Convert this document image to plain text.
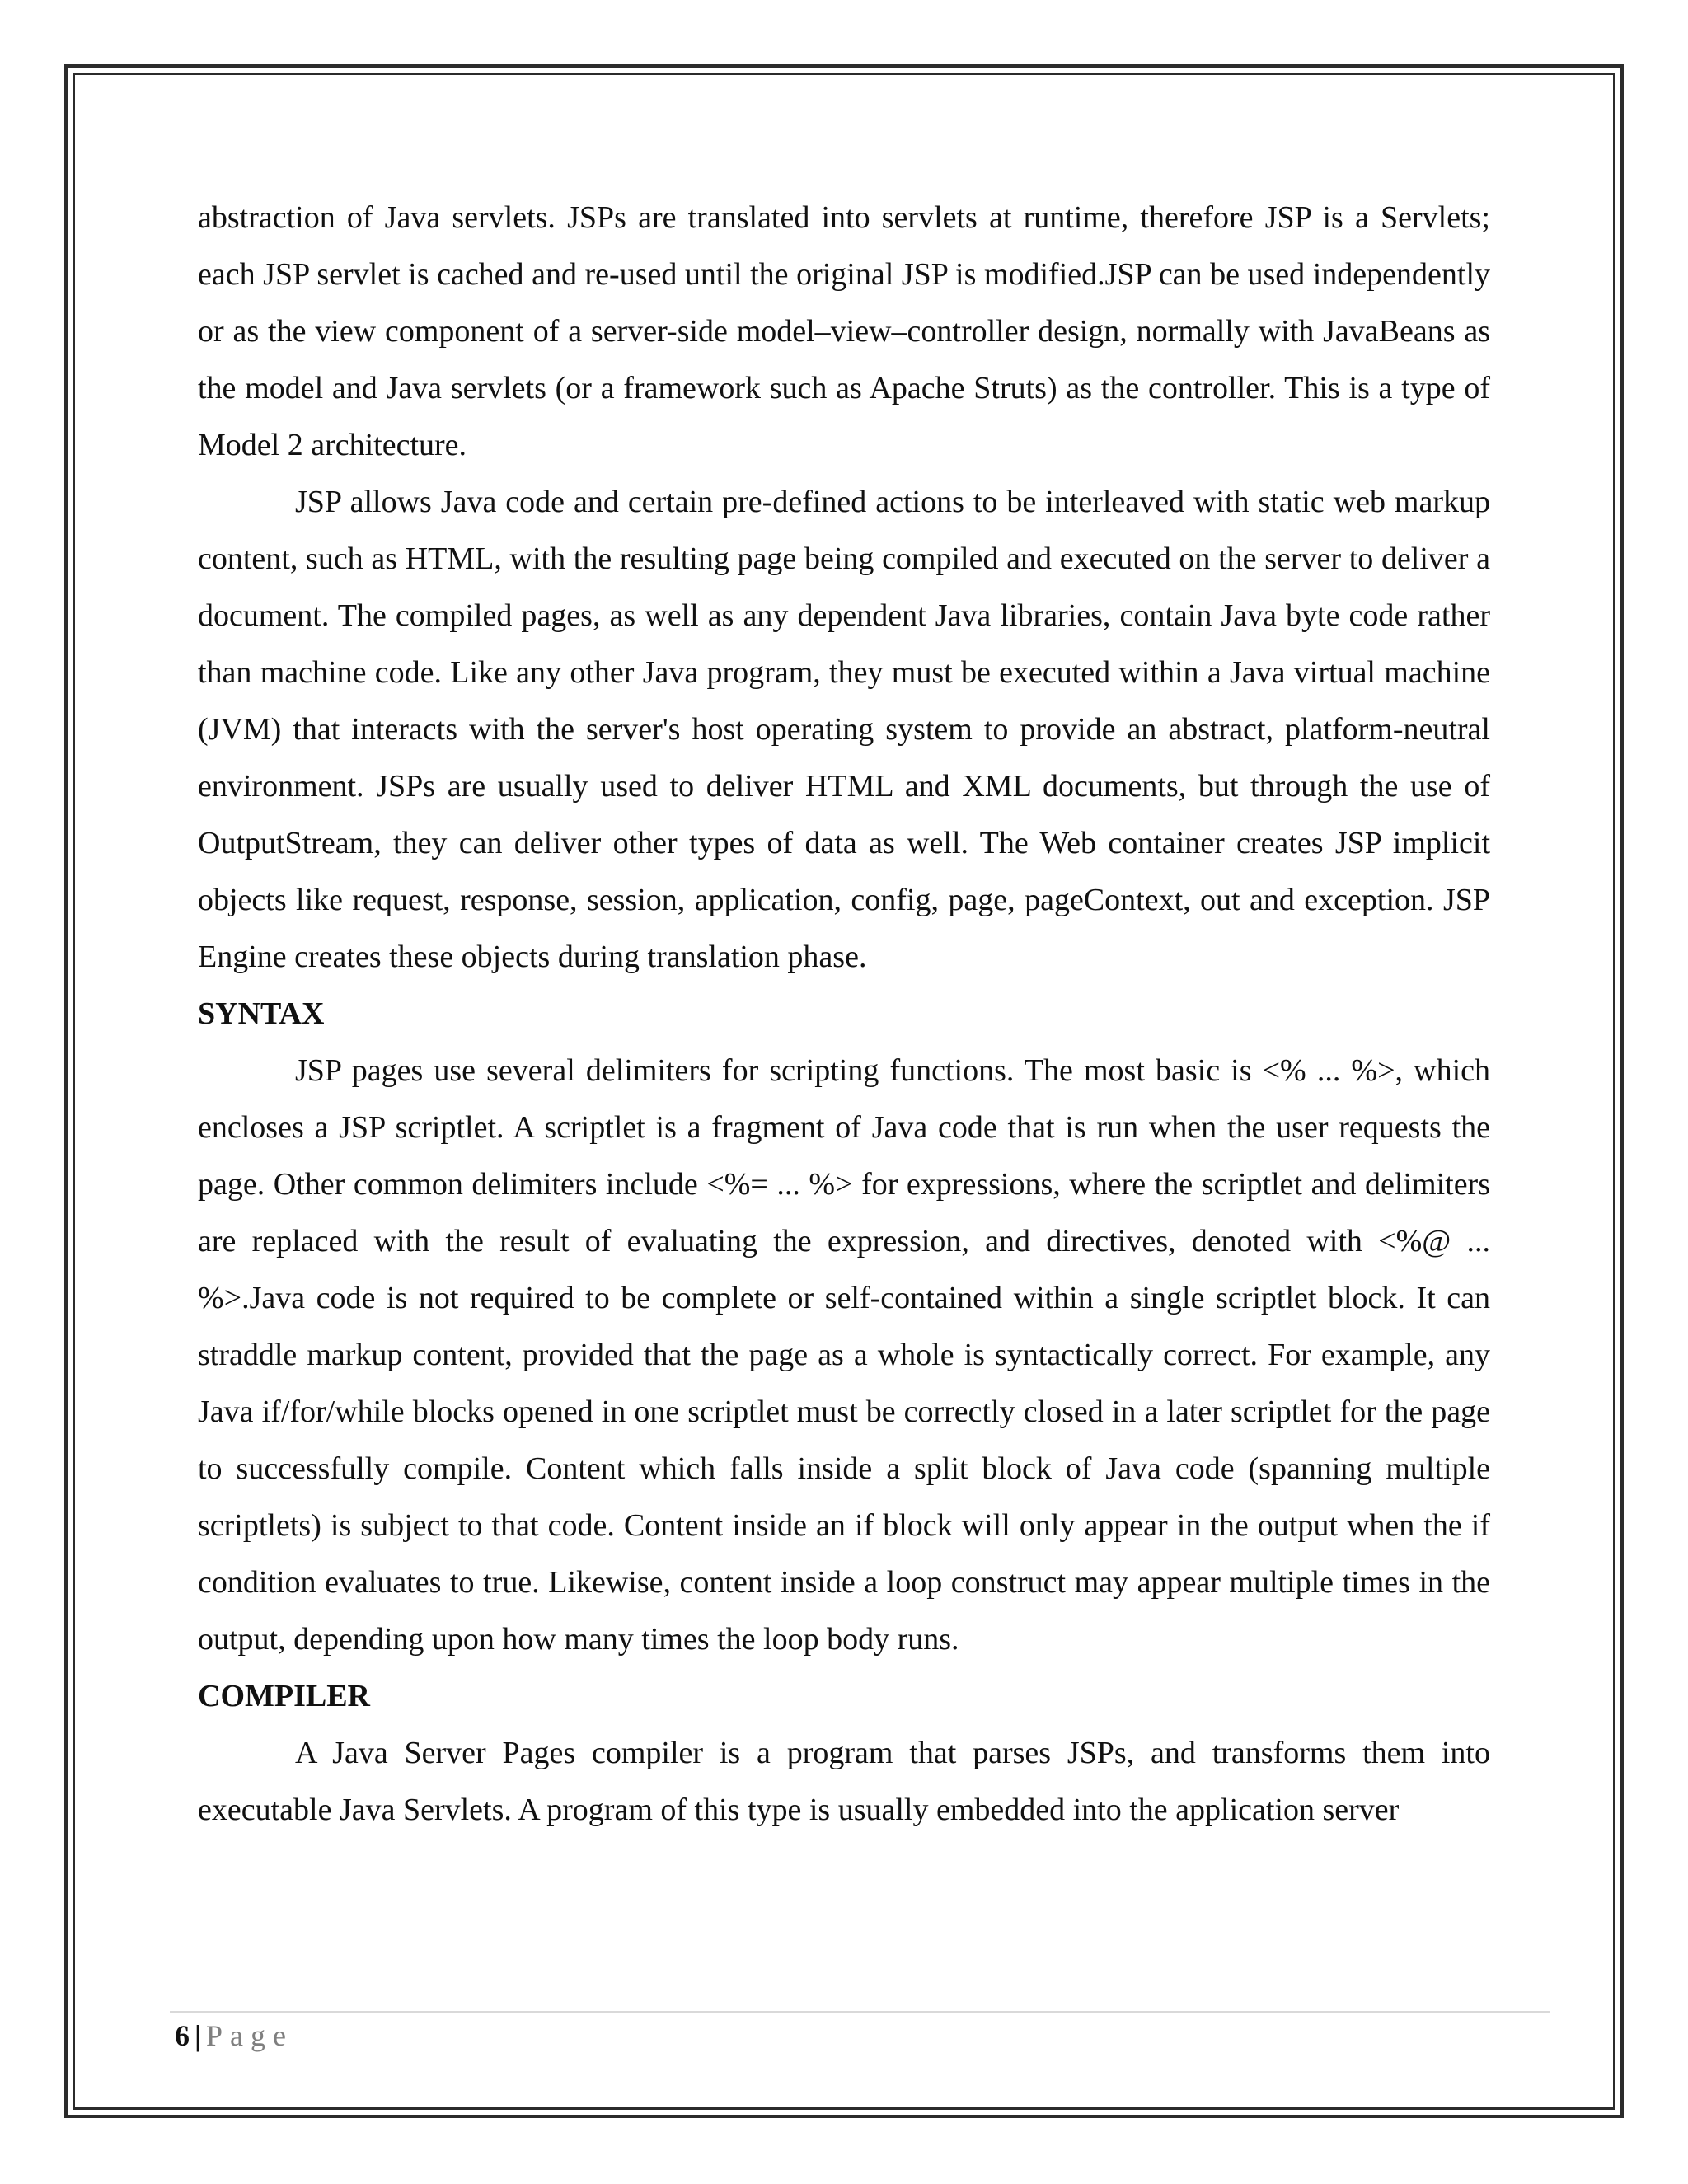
abstraction of Java servlets. JSPs are translated into servlets at runtime, therefore JSP is a Servlets; each JSP servlet is cached and re-used until the original JSP is modified.JSP can be used independently or as the view component of a server-side model–view–controller design, normally with JavaBeans as the model and Java servlets (or a framework such as Apache Struts) as the controller. This is a type of Model 2 architecture.

JSP allows Java code and certain pre-defined actions to be interleaved with static web markup content, such as HTML, with the resulting page being compiled and executed on the server to deliver a document. The compiled pages, as well as any dependent Java libraries, contain Java byte code rather than machine code. Like any other Java program, they must be executed within a Java virtual machine (JVM) that interacts with the server's host operating system to provide an abstract, platform-neutral environment. JSPs are usually used to deliver HTML and XML documents, but through the use of OutputStream, they can deliver other types of data as well. The Web container creates JSP implicit objects like request, response, session, application, config, page, pageContext, out and exception. JSP Engine creates these objects during translation phase.

SYNTAX

JSP pages use several delimiters for scripting functions. The most basic is <% ... %>, which encloses a JSP scriptlet. A scriptlet is a fragment of Java code that is run when the user requests the page. Other common delimiters include <%= ... %> for expressions, where the scriptlet and delimiters are replaced with the result of evaluating the expression, and directives, denoted with <%@ ... %>.Java code is not required to be complete or self-contained within a single scriptlet block. It can straddle markup content, provided that the page as a whole is syntactically correct. For example, any Java if/for/while blocks opened in one scriptlet must be correctly closed in a later scriptlet for the page to successfully compile. Content which falls inside a split block of Java code (spanning multiple scriptlets) is subject to that code. Content inside an if block will only appear in the output when the if condition evaluates to true. Likewise, content inside a loop construct may appear multiple times in the output, depending upon how many times the loop body runs.

COMPILER

A Java Server Pages compiler is a program that parses JSPs, and transforms them into executable Java Servlets. A program of this type is usually embedded into the application server

6 | Page
